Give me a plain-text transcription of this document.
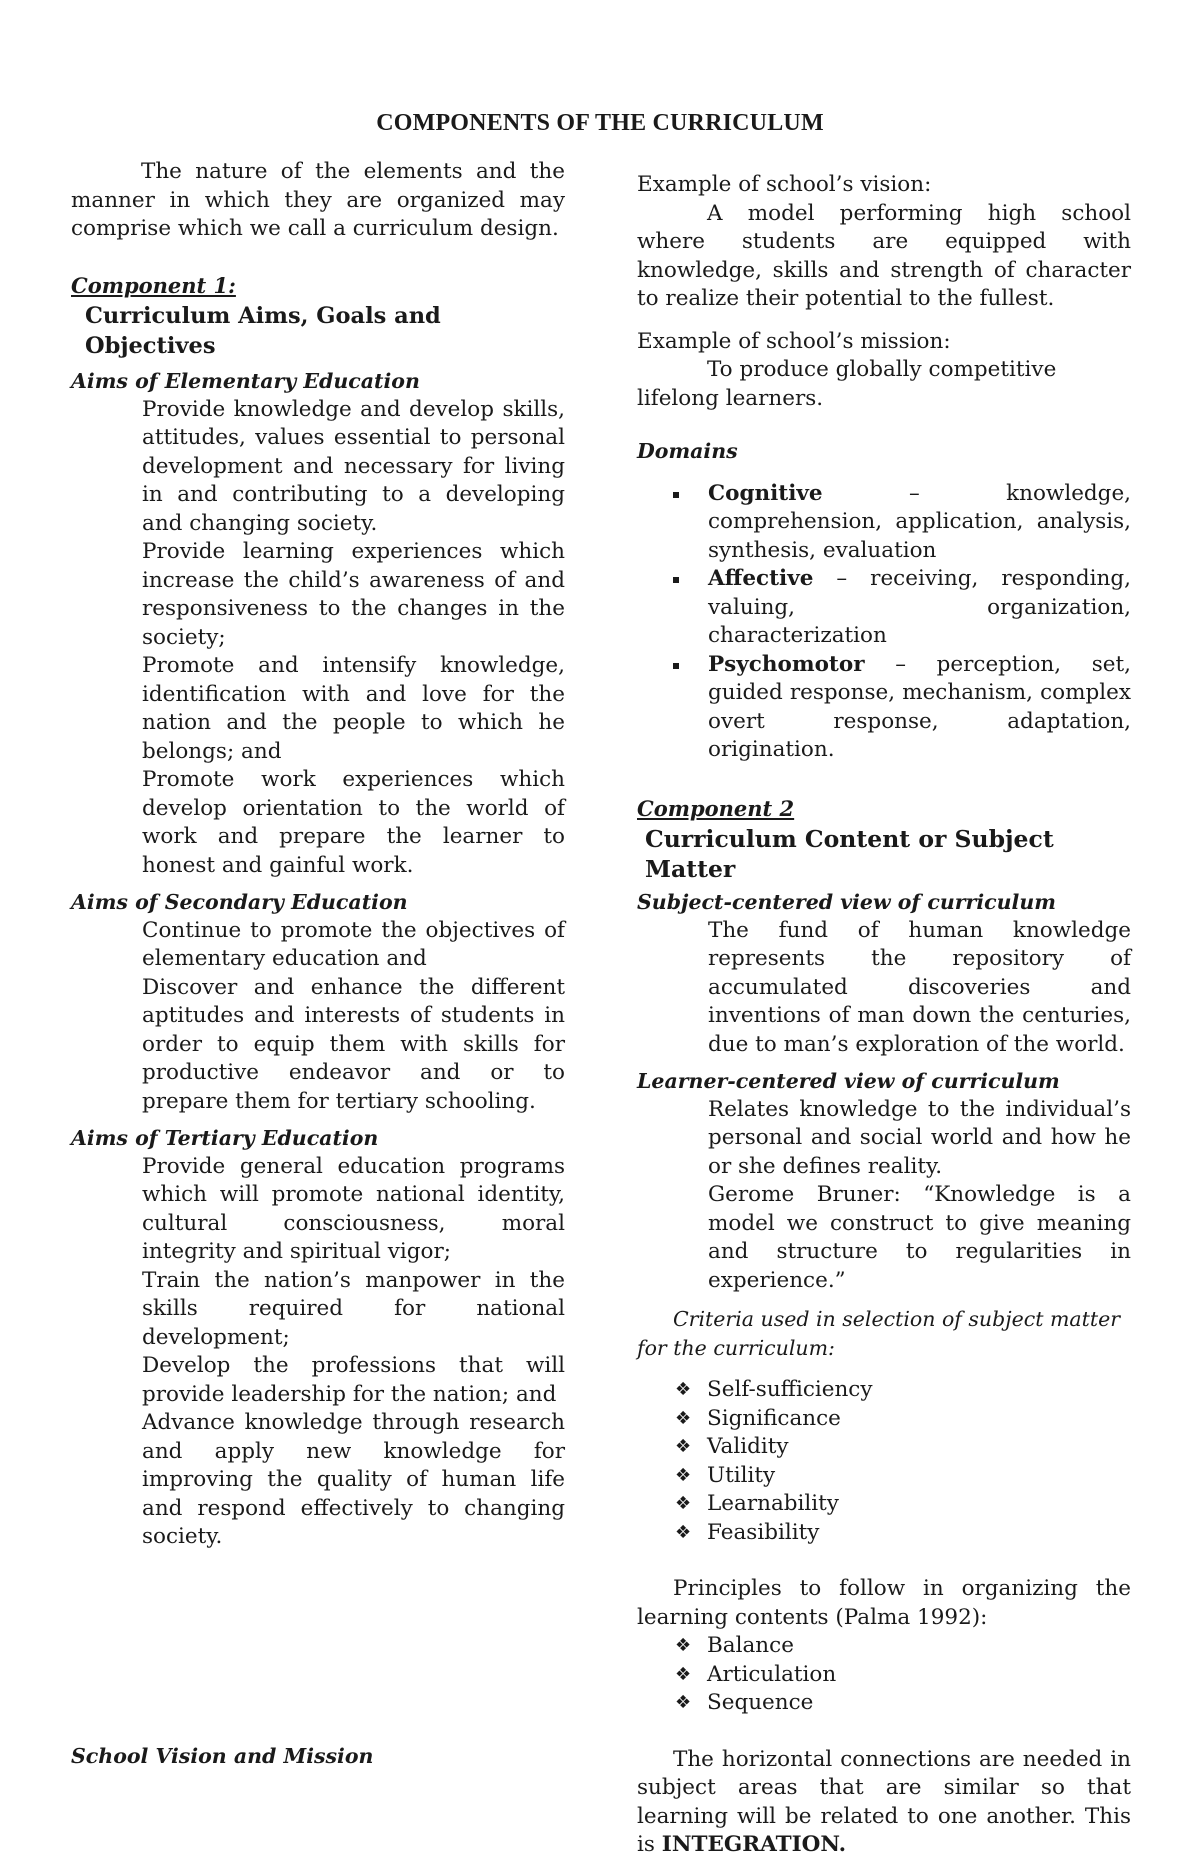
COMPONENTS OF THE CURRICULUM

The nature of the elements and the manner in which they are organized may comprise which we call a curriculum design.

Component 1:

Curriculum Aims, Goals and Objectives

Aims of Elementary Education

Provide knowledge and develop skills, attitudes, values essential to personal development and necessary for living in and contributing to a developing and changing society.

Provide learning experiences which increase the child’s awareness of and responsiveness to the changes in the society;

Promote and intensify knowledge, identification with and love for the nation and the people to which he belongs; and

Promote work experiences which develop orientation to the world of work and prepare the learner to honest and gainful work.

Aims of Secondary Education

Continue to promote the objectives of elementary education and

Discover and enhance the different aptitudes and interests of students in order to equip them with skills for productive endeavor and or to prepare them for tertiary schooling.

Aims of Tertiary Education

Provide general education programs which will promote national identity, cultural consciousness, moral integrity and spiritual vigor;

Train the nation’s manpower in the skills required for national development;

Develop the professions that will provide leadership for the nation; and

Advance knowledge through research and apply new knowledge for improving the quality of human life and respond effectively to changing society.

School Vision and Mission

Example of school’s vision:

A model performing high school where students are equipped with knowledge, skills and strength of character to realize their potential to the fullest.

Example of school’s mission:

To produce globally competitive lifelong learners.

Domains

Cognitive – knowledge, comprehension, application, analysis, synthesis, evaluation
Affective – receiving, responding, valuing, organization, characterization
Psychomotor – perception, set, guided response, mechanism, complex overt response, adaptation, origination.

Component 2

Curriculum Content or Subject Matter

Subject-centered view of curriculum

The fund of human knowledge represents the repository of accumulated discoveries and inventions of man down the centuries, due to man’s exploration of the world.

Learner-centered view of curriculum

Relates knowledge to the individual’s personal and social world and how he or she defines reality.

Gerome Bruner: “Knowledge is a model we construct to give meaning and structure to regularities in experience.”

Criteria used in selection of subject matter for the curriculum:

❖ Self-sufficiency
❖ Significance
❖ Validity
❖ Utility
❖ Learnability
❖ Feasibility

Principles to follow in organizing the learning contents (Palma 1992):

❖ Balance
❖ Articulation
❖ Sequence

The horizontal connections are needed in subject areas that are similar so that learning will be related to one another. This is INTEGRATION.
